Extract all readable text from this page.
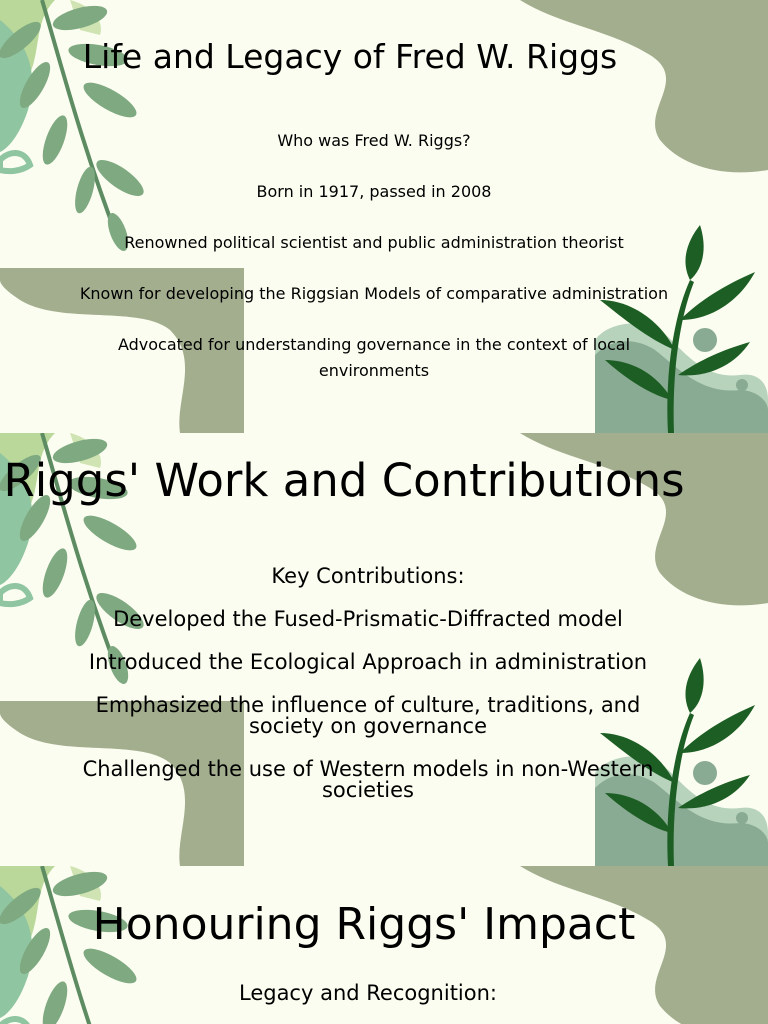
Life and Legacy of Fred W. Riggs

Who was Fred W. Riggs?

Born in 1917, passed in 2008

Renowned political scientist and public administration theorist

Known for developing the Riggsian Models of comparative administration

Advocated for understanding governance in the context of local environments

Riggs' Work and Contributions

Key Contributions:

Developed the Fused-Prismatic-Diffracted model

Introduced the Ecological Approach in administration

Emphasized the influence of culture, traditions, and society on governance

Challenged the use of Western models in non-Western societies

Honouring Riggs' Impact

Legacy and Recognition:
